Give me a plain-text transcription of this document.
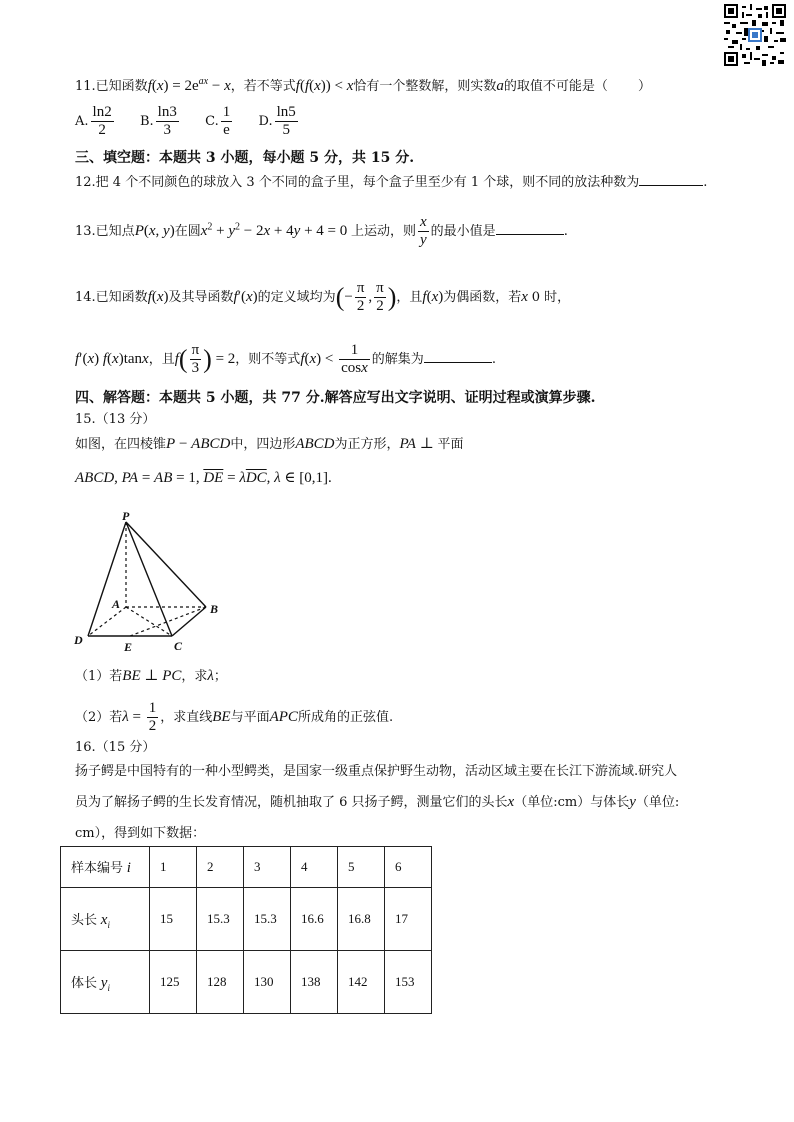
11.已知函数$f(x) = 2e^{ax} - x$，若不等式f(f(x)) < x恰有一个整数解，则实数a的取值不可能是（ ）
A. $\frac{\ln 2}{2} B$. $\frac{\ln 3}{3} C$. $\frac{1}{e} D$. $\frac{\ln 5}{5}$
三、填空题：本题共 3 小题，每小题 5 分，共 15 分.
12.把 4 个不同颜色的球放入 3 个不同的盒子里，每个盒子里至少有 1 个球，则不同的放法种数为	.
13.已知点P(x, y)在圆$x^2 + y^2 - 2x + 4y + 4 = 0$ 上运动，则 $\frac{x}{y}$ 的最小值是	.
14.已知函数f(x)及其导函数f′(x)的定义域均为(− $\frac{\pi}{2}$ , $\frac{\pi}{2}$ )，且f(x)为偶函数，若x 0 时，
f′(x) f(x)tanx，且$f( \frac{\pi}{3}$ ) = 2，则不等式$f(x) < \frac{1}{\cos x}$ 的解集为	.
四、解答题：本题共 5 小题，共 77 分.解答应写出文字说明、证明过程或演算步骤.
15.（13 分）
如图，在四棱锥P − ABCD中，四边形ABCD为正方形，PA ⊥ 平面
ABCD, PA = AB = 1, $\overline{DE} = \lambda\overline{DC}$, λ ∈ [0,1].
P
A	B
C
D	E
（1）若BE ⊥ PC，求λ；
（2）若$\lambda = \frac{1}{2}$ ，求直线BE与平面APC所成角的正弦值.
16.（15 分）
扬子鳄是中国特有的一种小型鳄类，是国家一级重点保护野生动物，活动区域主要在长江下游流域.研究人
员为了解扬子鳄的生长发育情况，随机抽取了 6 只扬子鳄，测量它们的头长x（单位:cm）与体长y（单位:
cm），得到如下数据：
样本编号 i	1	2	3	4	5	6
头长 $x_i$	15	15.3	15.3	16.6	16.8	17
体长 $y_i$	125	128	130	138	142	153
